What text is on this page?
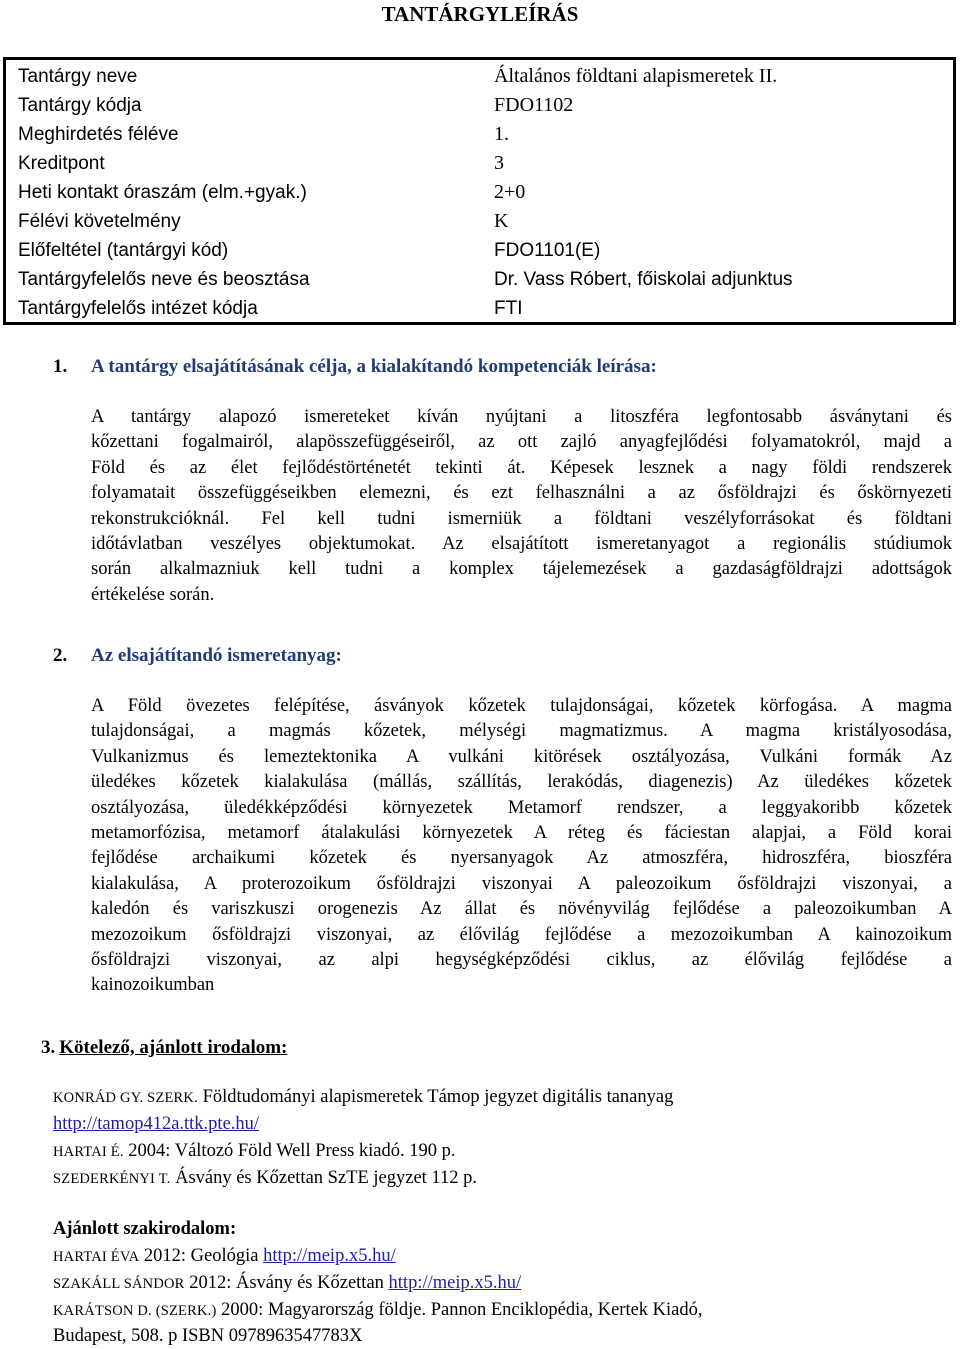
TANTÁRGYLEÍRÁS
Tantárgy neve	Általános földtani alapismeretek II.
Tantárgy kódja	FDO1102
Meghirdetés féléve	1.
Kreditpont	3
Heti kontakt óraszám (elm.+gyak.)	2+0
Félévi követelmény	K
Előfeltétel (tantárgyi kód)	FDO1101(E)
Tantárgyfelelős neve és beosztása	Dr. Vass Róbert, főiskolai adjunktus
Tantárgyfelelős intézet kódja	FTI
1. A tantárgy elsajátításának célja, a kialakítandó kompetenciák leírása:
A tantárgy alapozó ismereteket kíván nyújtani a litoszféra legfontosabb ásványtani és
kőzettani fogalmairól, alapösszefüggéseiről, az ott zajló anyagfejlődési folyamatokról, majd a
Föld és az élet fejlődéstörténetét tekinti át. Képesek lesznek a nagy földi rendszerek
folyamatait összefüggéseikben elemezni, és ezt felhasználni a az ősföldrajzi és őskörnyezeti
rekonstrukcióknál. Fel kell tudni ismerniük a földtani veszélyforrásokat és földtani
időtávlatban veszélyes objektumokat. Az elsajátított ismeretanyagot a regionális stúdiumok
során alkalmazniuk kell tudni a komplex tájelemezések a gazdaságföldrajzi adottságok
értékelése során.
2. Az elsajátítandó ismeretanyag:
A Föld övezetes felépítése, ásványok kőzetek tulajdonságai, kőzetek körfogása. A magma
tulajdonságai, a magmás kőzetek, mélységi magmatizmus. A magma kristályosodása,
Vulkanizmus és lemeztektonika A vulkáni kitörések osztályozása, Vulkáni formák Az
üledékes kőzetek kialakulása (mállás, szállítás, lerakódás, diagenezis) Az üledékes kőzetek
osztályozása, üledékképződési környezetek Metamorf rendszer, a leggyakoribb kőzetek
metamorfózisa, metamorf átalakulási környezetek A réteg és fáciestan alapjai, a Föld korai
fejlődése archaikumi kőzetek és nyersanyagok Az atmoszféra, hidroszféra, bioszféra
kialakulása, A proterozoikum ősföldrajzi viszonyai A paleozoikum ősföldrajzi viszonyai, a
kaledón és variszkuszi orogenezis Az állat és növényvilág fejlődése a paleozoikumban A
mezozoikum ősföldrajzi viszonyai, az élővilág fejlődése a mezozoikumban A kainozoikum
ősföldrajzi viszonyai, az alpi hegységképződési ciklus, az élővilág fejlődése a
kainozoikumban
3. Kötelező, ajánlott irodalom:
KONRÁD GY. SZERK. Földtudományi alapismeretek Támop jegyzet digitális tananyag
http://tamop412a.ttk.pte.hu/
HARTAI É. 2004: Változó Föld Well Press kiadó. 190 p.
SZEDERKÉNYI T. Ásvány és Kőzettan SzTE jegyzet 112 p.
Ajánlott szakirodalom:
HARTAI ÉVA 2012: Geológia http://meip.x5.hu/
SZAKÁLL SÁNDOR 2012: Ásvány és Kőzettan http://meip.x5.hu/
KARÁTSON D. (SZERK.) 2000: Magyarország földje. Pannon Enciklopédia, Kertek Kiadó,
Budapest, 508. p ISBN 0978963547783X
